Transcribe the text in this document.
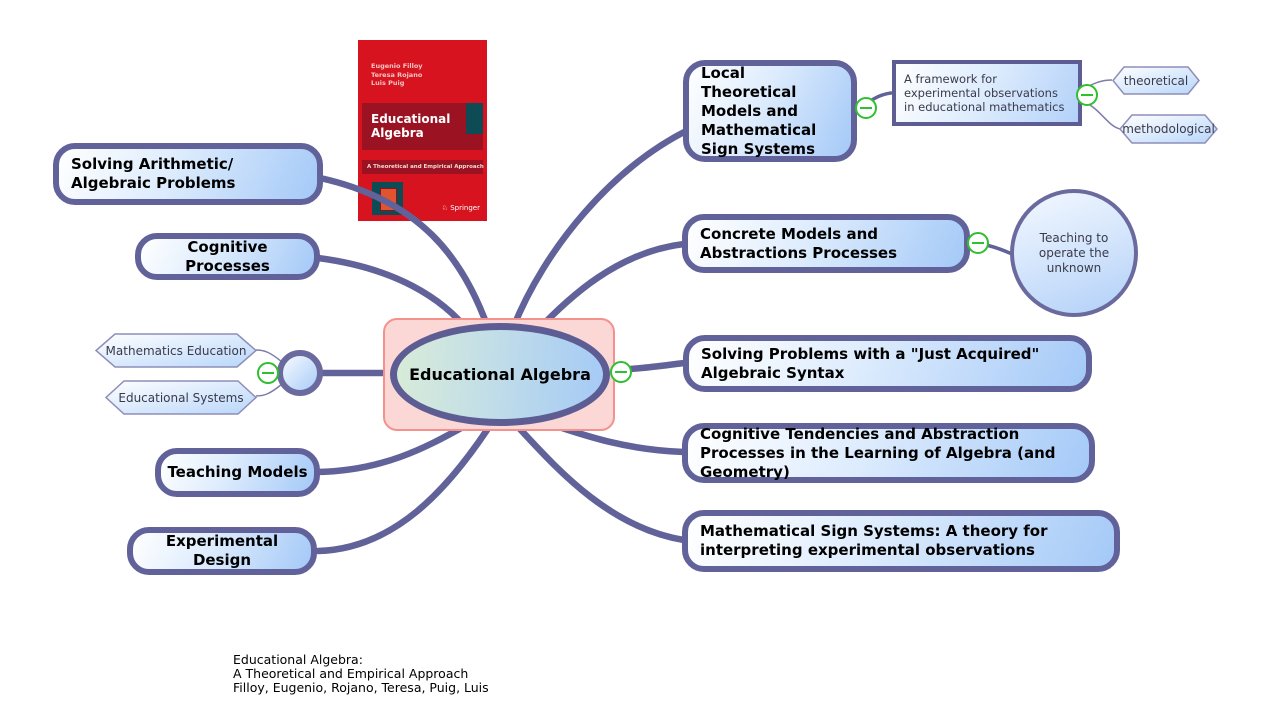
Eugenio Filloy
Teresa Rojano
Luis Puig
Educational
Algebra
A Theoretical and Empirical Approach
♘ Springer
Educational Algebra
Solving Arithmetic/ Algebraic Problems
Cognitive Processes
Teaching Models
Experimental Design
Mathematics Education
Educational Systems
Local Theoretical Models and Mathematical Sign Systems
Concrete Models and Abstractions Processes
Solving Problems with a "Just Acquired" Algebraic Syntax
Cognitive Tendencies and Abstraction Processes in the Learning of Algebra (and Geometry)
Mathematical Sign Systems: A theory for interpreting experimental observations
A framework for experimental observations in educational mathematics
theoretical
methodological
Teaching to operate the unknown
Educational Algebra:
A Theoretical and Empirical Approach
Filloy, Eugenio, Rojano, Teresa, Puig, Luis
